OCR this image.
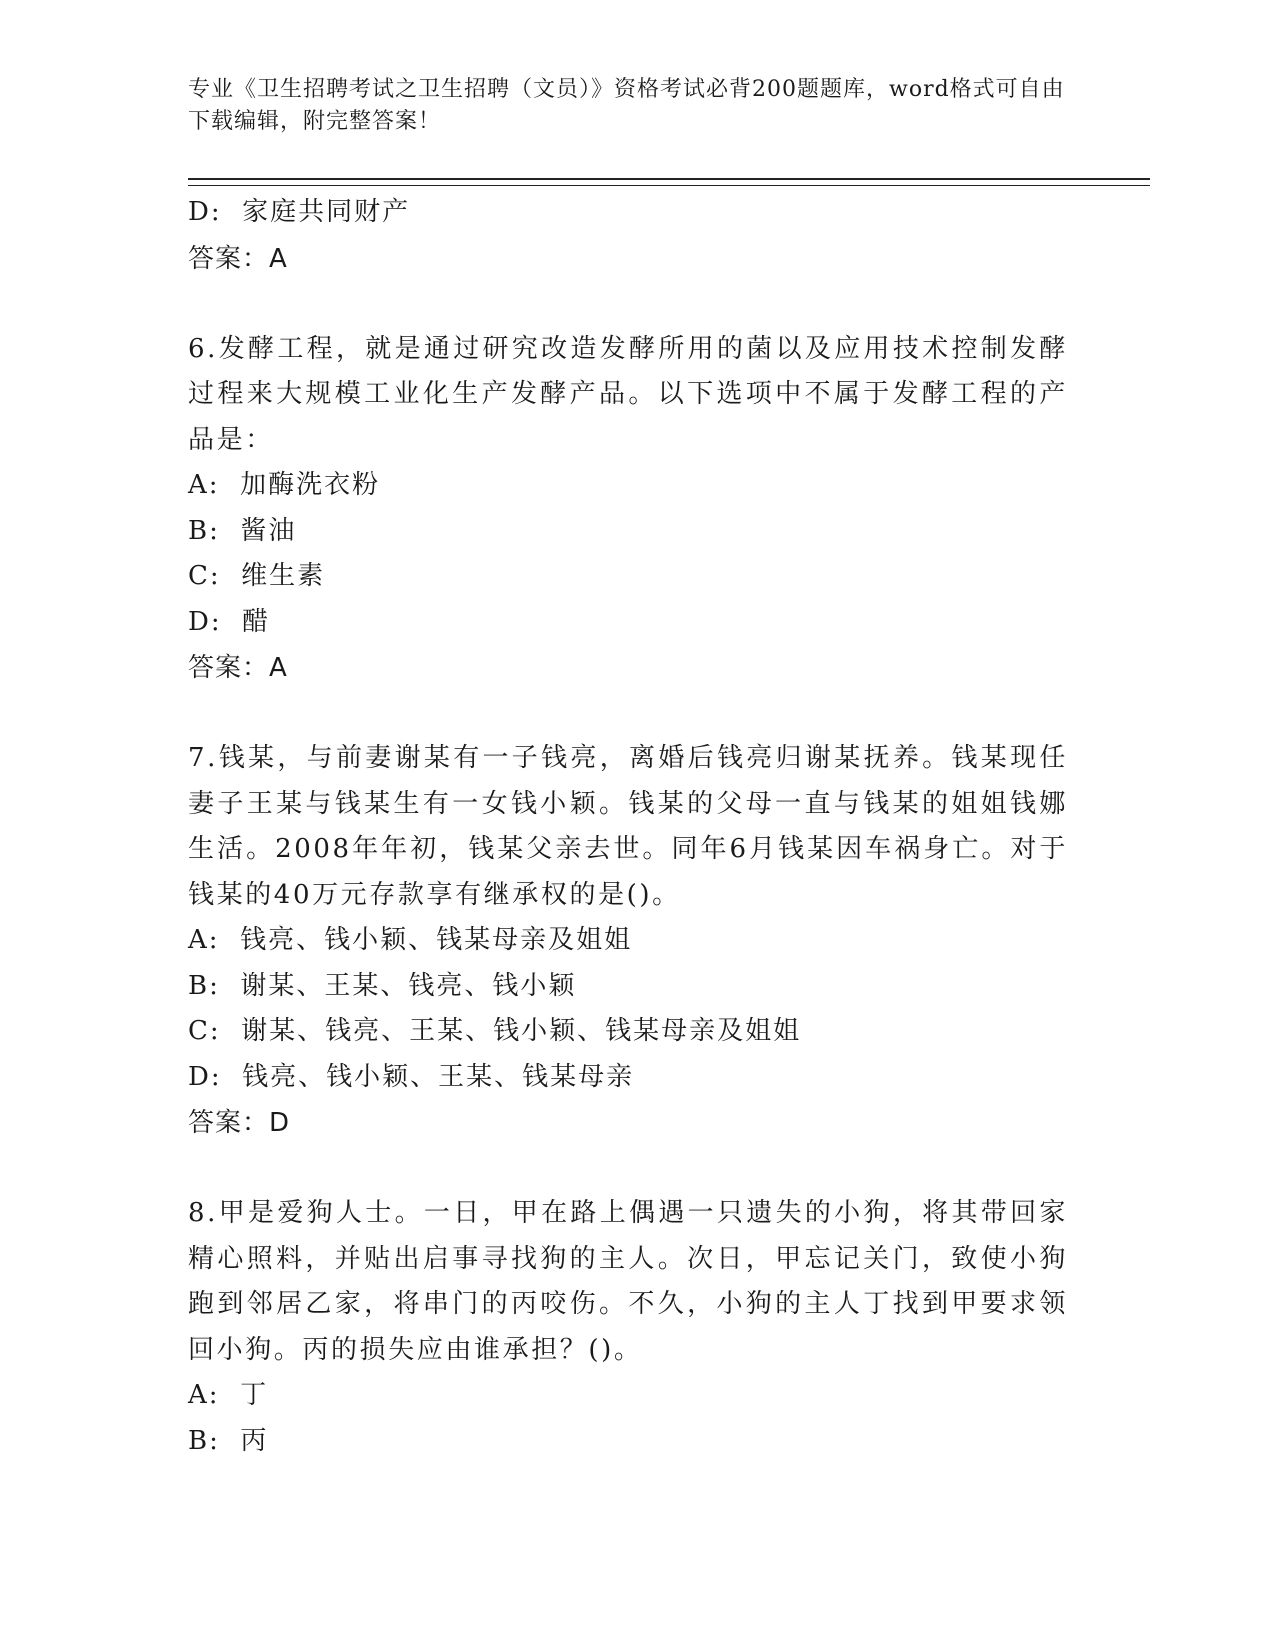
专业《卫生招聘考试之卫生招聘（文员）》资格考试必背200题题库，word格式可自由下载编辑，附完整答案！
D:  家庭共同财产
答案：A
6.发酵工程，就是通过研究改造发酵所用的菌以及应用技术控制发酵过程来大规模工业化生产发酵产品。以下选项中不属于发酵工程的产品是：
A:  加酶洗衣粉
B:  酱油
C:  维生素
D:  醋
答案：A
7.钱某，与前妻谢某有一子钱亮，离婚后钱亮归谢某抚养。钱某现任妻子王某与钱某生有一女钱小颖。钱某的父母一直与钱某的姐姐钱娜生活。2008年年初，钱某父亲去世。同年6月钱某因车祸身亡。对于钱某的40万元存款享有继承权的是()。
A:  钱亮、钱小颖、钱某母亲及姐姐
B:  谢某、王某、钱亮、钱小颖
C:  谢某、钱亮、王某、钱小颖、钱某母亲及姐姐
D:  钱亮、钱小颖、王某、钱某母亲
答案：D
8.甲是爱狗人士。一日，甲在路上偶遇一只遗失的小狗，将其带回家精心照料，并贴出启事寻找狗的主人。次日，甲忘记关门，致使小狗跑到邻居乙家，将串门的丙咬伤。不久，小狗的主人丁找到甲要求领回小狗。丙的损失应由谁承担？()。
A:  丁
B:  丙
